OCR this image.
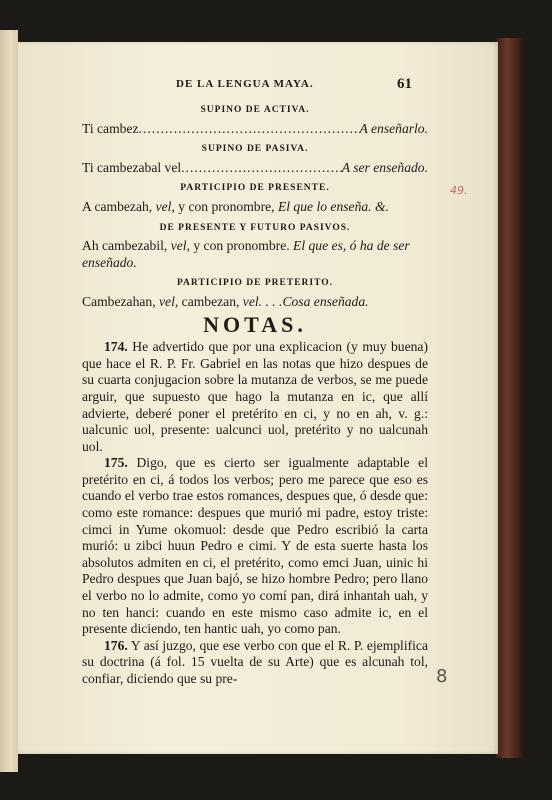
DE LA LENGUA MAYA.	61
SUPINO DE ACTIVA.
Ti cambez .....	A enseñarlo.
SUPINO DE PASIVA.
Ti cambezabal vel .....	A ser enseñado.
PARTICIPIO DE PRESENTE.
A cambezah, vel, y con pronombre, El que lo enseña. &.
DE PRESENTE Y FUTURO PASIVOS.
Ah cambezabil, vel, y con pronombre. El que es, ó ha de ser enseñado.
PARTICIPIO DE PRETERITO.
Cambezahan, vel, cambezan, vel. . . .Cosa enseñada.
NOTAS.

174. He advertido que por una explicacion (y muy buena) que hace el R. P. Fr. Gabriel en las notas que hizo despues de su cuarta conjugacion sobre la mutanza de verbos, se me puede arguir, que supuesto que hago la mutanza en ic, que allí advierte, deberé poner el pretérito en ci, y no en ah, v. g.: ualcunic uol, presente: ualcunci uol, pretérito y no ualcunah uol.

175. Digo, que es cierto ser igualmente adaptable el pretérito en ci, á todos los verbos; pero me parece que eso es cuando el verbo trae estos romances, despues que, ó desde que: como este romance: despues que murió mi padre, estoy triste: cimci in Yume okomuol: desde que Pedro escribió la carta murió: u zibci huun Pedro e cimi. Y de esta suerte hasta los absolutos admiten en ci, el pretérito, como emci Juan, uinic hi Pedro despues que Juan bajó, se hizo hombre Pedro; pero llano el verbo no lo admite, como yo comí pan, dirá inhantah uah, y no ten hanci: cuando en este mismo caso admite ic, en el presente diciendo, ten hantic uah, yo como pan.

176. Y así juzgo, que ese verbo con que el R. P. ejemplifica su doctrina (á fol. 15 vuelta de su Arte) que es alcunah tol, confiar, diciendo que su pre-

49.
8
